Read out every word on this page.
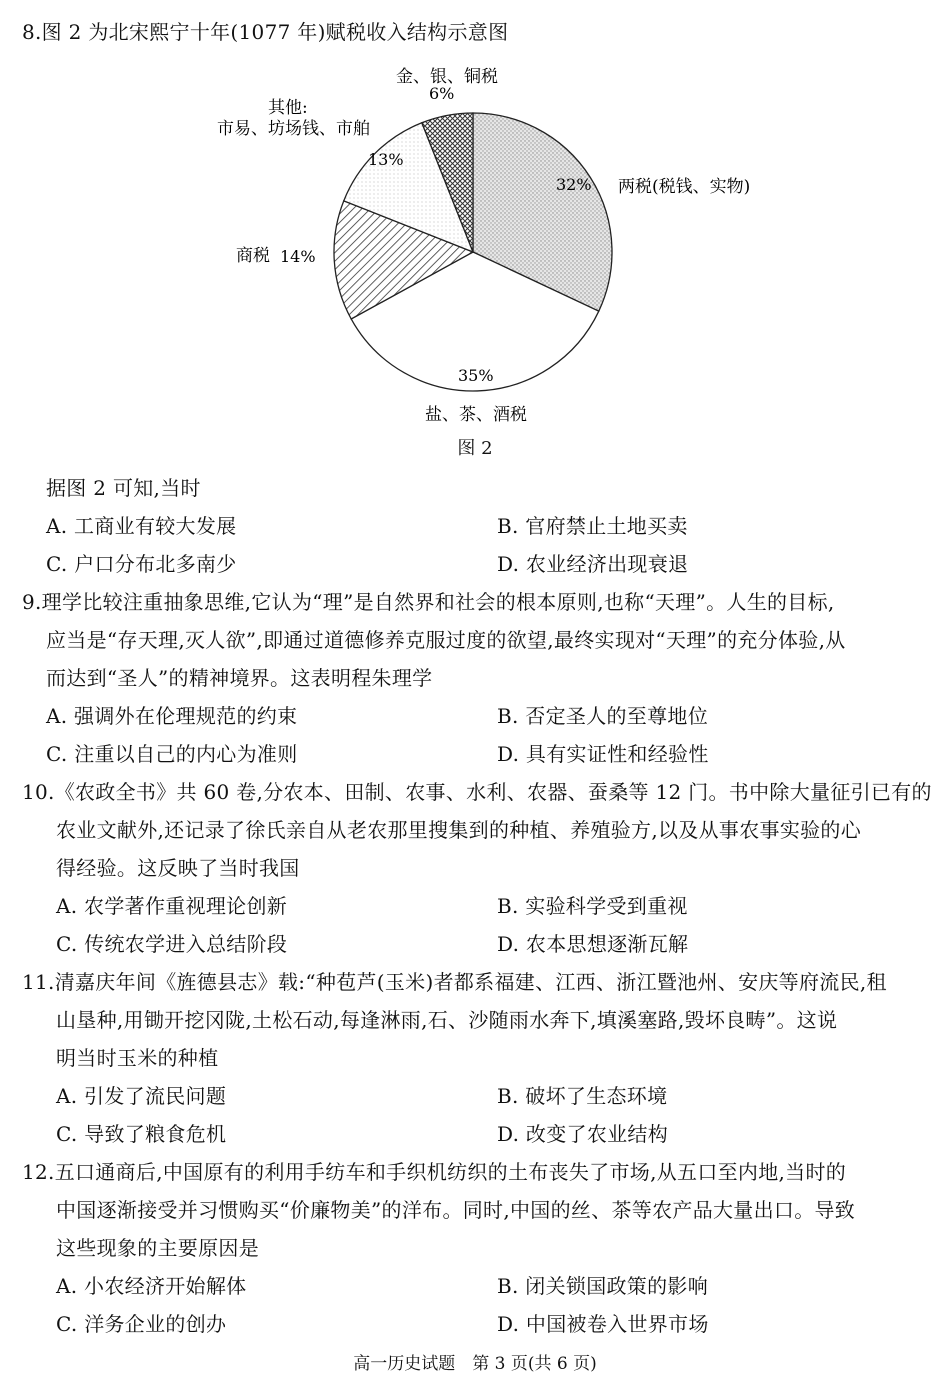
8.图 2 为北宋熙宁十年(1077 年)赋税收入结构示意图
32%
35%
14%
13%
6%
两税(税钱、实物)
盐、茶、酒税
商税
其他:
市易、坊场钱、市舶
金、银、铜税
图 2
据图 2 可知,当时
A. 工商业有较大发展	B. 官府禁止土地买卖
C. 户口分布北多南少	D. 农业经济出现衰退
9.理学比较注重抽象思维,它认为“理”是自然界和社会的根本原则,也称“天理”。人生的目标,
应当是“存天理,灭人欲”,即通过道德修养克服过度的欲望,最终实现对“天理”的充分体验,从
而达到“圣人”的精神境界。这表明程朱理学
A. 强调外在伦理规范的约束	B. 否定圣人的至尊地位
C. 注重以自己的内心为准则	D. 具有实证性和经验性
10.《农政全书》共 60 卷,分农本、田制、农事、水利、农器、蚕桑等 12 门。书中除大量征引已有的
农业文献外,还记录了徐氏亲自从老农那里搜集到的种植、养殖验方,以及从事农事实验的心
得经验。这反映了当时我国
A. 农学著作重视理论创新	B. 实验科学受到重视
C. 传统农学进入总结阶段	D. 农本思想逐渐瓦解
11.清嘉庆年间《旌德县志》载:“种苞芦(玉米)者都系福建、江西、浙江暨池州、安庆等府流民,租
山垦种,用锄开挖冈陇,土松石动,每逢淋雨,石、沙随雨水奔下,填溪塞路,毁坏良畴”。这说
明当时玉米的种植
A. 引发了流民问题	B. 破坏了生态环境
C. 导致了粮食危机	D. 改变了农业结构
12.五口通商后,中国原有的利用手纺车和手织机纺织的土布丧失了市场,从五口至内地,当时的
中国逐渐接受并习惯购买“价廉物美”的洋布。同时,中国的丝、茶等农产品大量出口。导致
这些现象的主要原因是
A. 小农经济开始解体	B. 闭关锁国政策的影响
C. 洋务企业的创办	D. 中国被卷入世界市场
高一历史试题　第 3 页(共 6 页)
